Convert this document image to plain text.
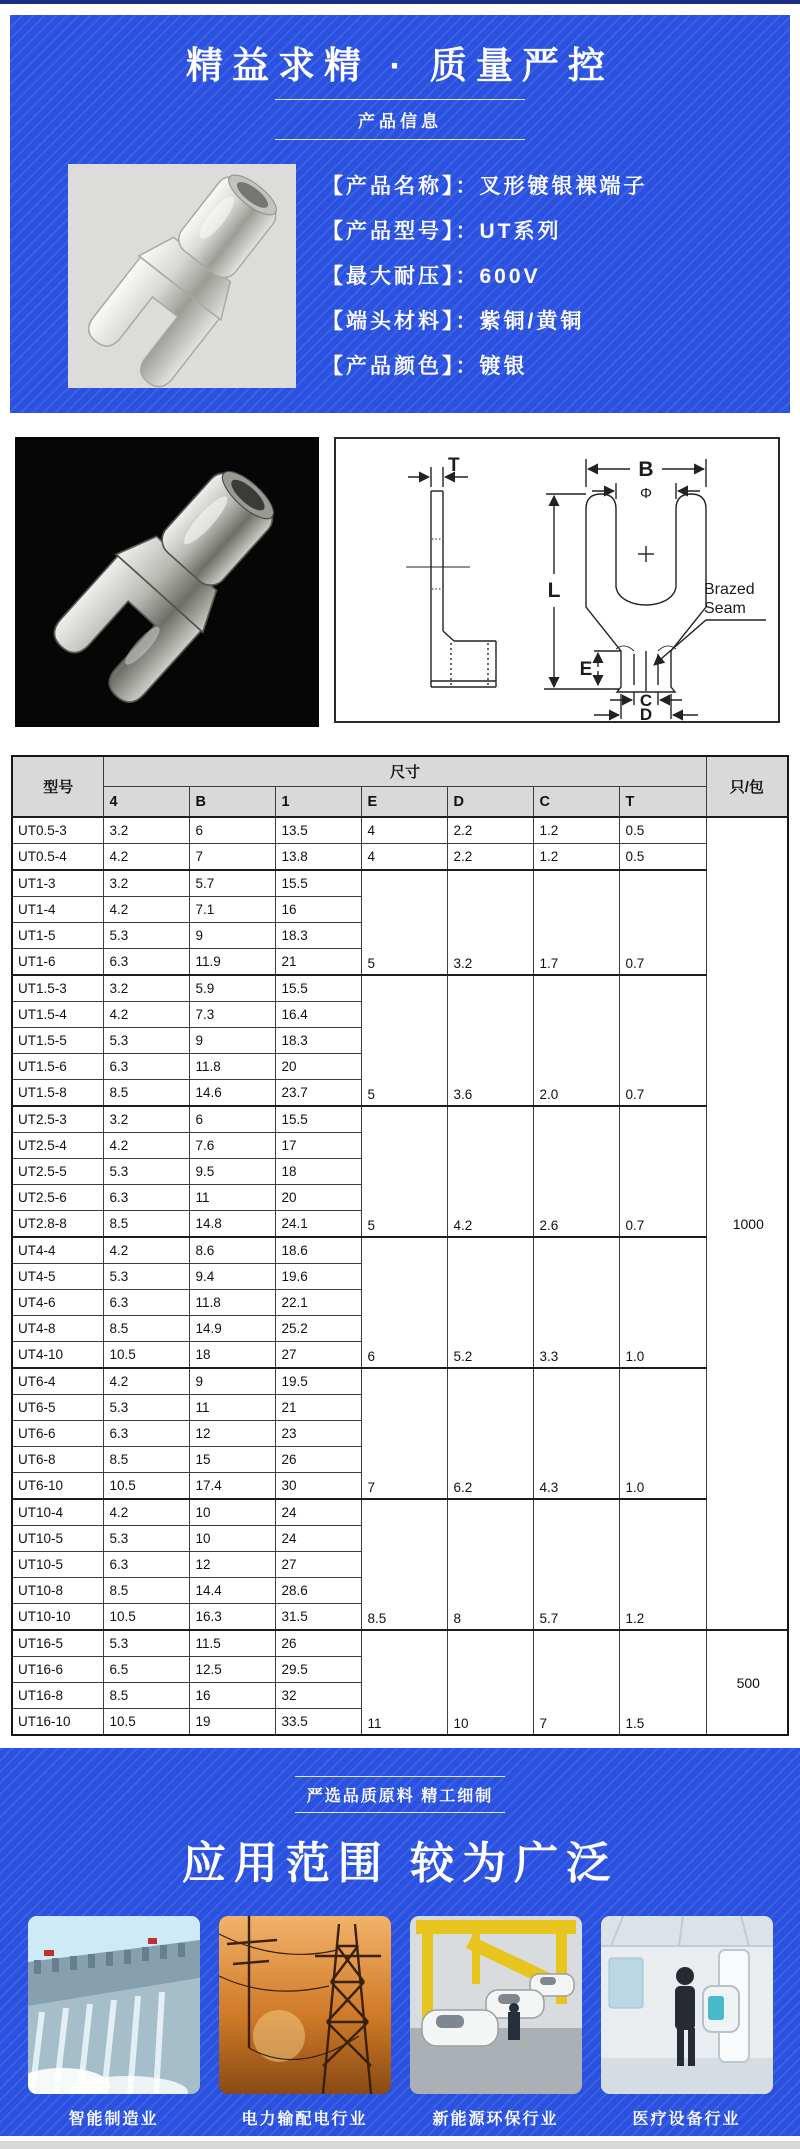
精益求精 · 质量严控
产品信息
【产品名称】：叉形镀银裸端子
【产品型号】：UT系列
【最大耐压】：600V
【端头材料】：紫铜/黄铜
【产品颜色】：镀银
T	B
Φ
L
E
C
D
Brazed
Seam
型号	尺寸							只/包
	4	B	1	E	D	C	T	
UT0.5-3	3.2	6	13.5	4	2.2	1.2	0.5	1000
UT0.5-4	4.2	7	13.8	4	2.2	1.2	0.5	
UT1-3	3.2	5.7	15.5	5	3.2	1.7	0.7	
UT1-4	4.2	7.1	16					
UT1-5	5.3	9	18.3					
UT1-6	6.3	11.9	21					
UT1.5-3	3.2	5.9	15.5	5	3.6	2.0	0.7	
UT1.5-4	4.2	7.3	16.4					
UT1.5-5	5.3	9	18.3					
UT1.5-6	6.3	11.8	20					
UT1.5-8	8.5	14.6	23.7					
UT2.5-3	3.2	6	15.5	5	4.2	2.6	0.7	
UT2.5-4	4.2	7.6	17					
UT2.5-5	5.3	9.5	18					
UT2.5-6	6.3	11	20					
UT2.8-8	8.5	14.8	24.1					
UT4-4	4.2	8.6	18.6	6	5.2	3.3	1.0	
UT4-5	5.3	9.4	19.6					
UT4-6	6.3	11.8	22.1					
UT4-8	8.5	14.9	25.2					
UT4-10	10.5	18	27					
UT6-4	4.2	9	19.5	7	6.2	4.3	1.0	
UT6-5	5.3	11	21					
UT6-6	6.3	12	23					
UT6-8	8.5	15	26					
UT6-10	10.5	17.4	30					
UT10-4	4.2	10	24	8.5	8	5.7	1.2	
UT10-5	5.3	10	24					
UT10-5	6.3	12	27					
UT10-8	8.5	14.4	28.6					
UT10-10	10.5	16.3	31.5					
UT16-5	5.3	11.5	26	11	10	7	1.5	500
UT16-6	6.5	12.5	29.5					
UT16-8	8.5	16	32					
UT16-10	10.5	19	33.5					
严选品质原料 精工细制
应用范围 较为广泛
智能制造业	电力输配电行业	新能源环保行业	医疗设备行业
